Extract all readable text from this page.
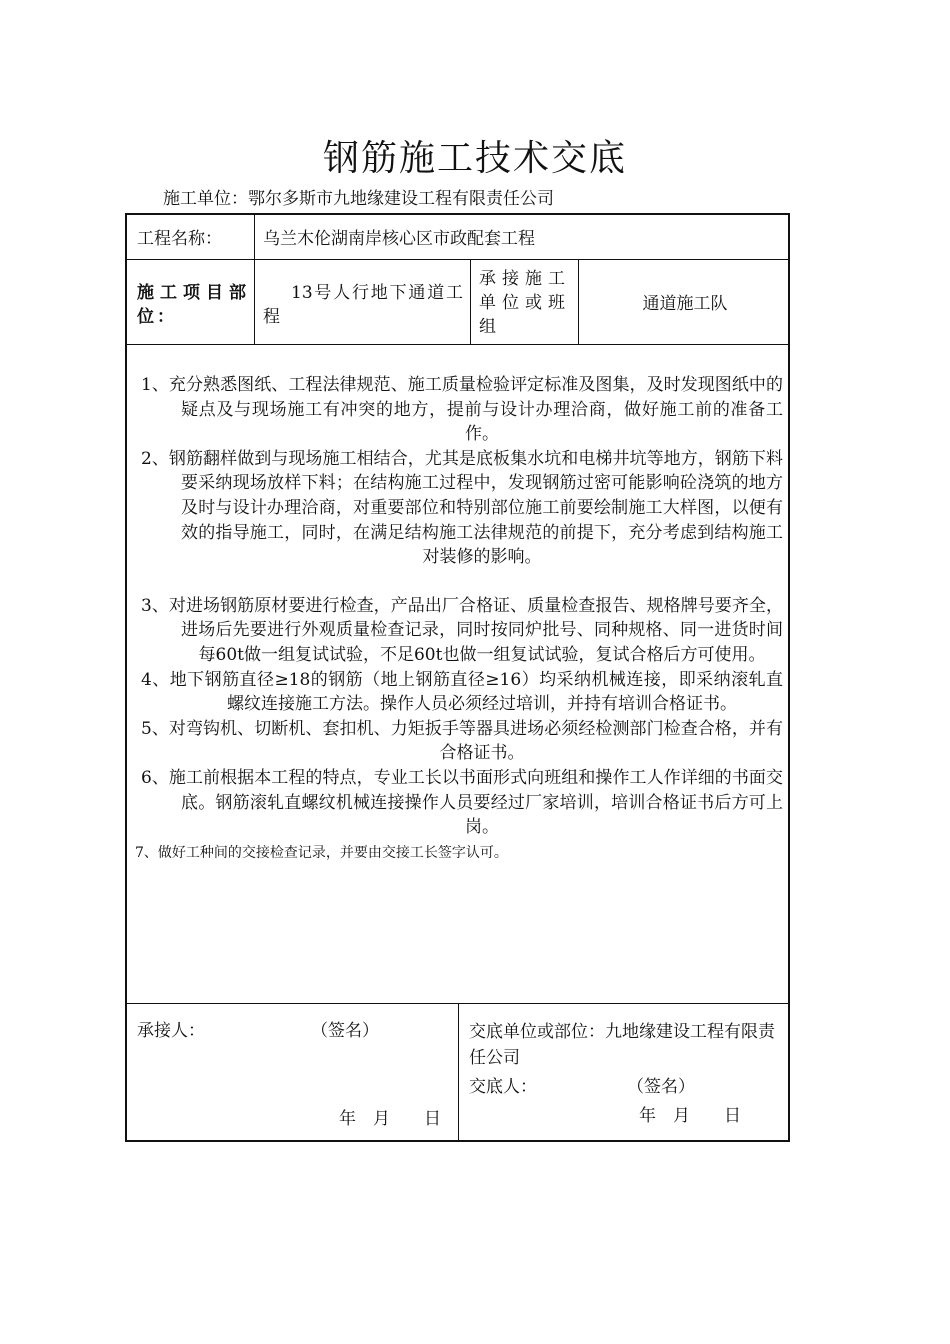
钢筋施工技术交底
施工单位：鄂尔多斯市九地缘建设工程有限责任公司
工程名称： 乌兰木伦湖南岸核心区市政配套工程
施工项目部位：
13号人行地下通道工程
承接施工单位或班组
通道施工队

1、充分熟悉图纸、工程法律规范、施工质量检验评定标准及图集，及时发现图纸中的疑点及与现场施工有冲突的地方，提前与设计办理洽商，做好施工前的准备工作。

2、钢筋翻样做到与现场施工相结合，尤其是底板集水坑和电梯井坑等地方，钢筋下料要采纳现场放样下料；在结构施工过程中，发现钢筋过密可能影响砼浇筑的地方及时与设计办理洽商，对重要部位和特别部位施工前要绘制施工大样图，以便有效的指导施工，同时，在满足结构施工法律规范的前提下，充分考虑到结构施工对装修的影响。

3、对进场钢筋原材要进行检查，产品出厂合格证、质量检查报告、规格牌号要齐全，进场后先要进行外观质量检查记录，同时按同炉批号、同种规格、同一进货时间每60t做一组复试试验，不足60t也做一组复试试验，复试合格后方可使用。

4、地下钢筋直径≥18的钢筋（地上钢筋直径≥16）均采纳机械连接，即采纳滚轧直螺纹连接施工方法。操作人员必须经过培训，并持有培训合格证书。

5、对弯钩机、切断机、套扣机、力矩扳手等器具进场必须经检测部门检查合格，并有合格证书。

6、施工前根据本工程的特点，专业工长以书面形式向班组和操作工人作详细的书面交底。钢筋滚轧直螺纹机械连接操作人员要经过厂家培训，培训合格证书后方可上岗。

7、做好工种间的交接检查记录，并要由交接工长签字认可。

承接人：	（签名）
年　月　　日
交底单位或部位：九地缘建设工程有限责任公司
交底人：	（签名）
年　月　　日
